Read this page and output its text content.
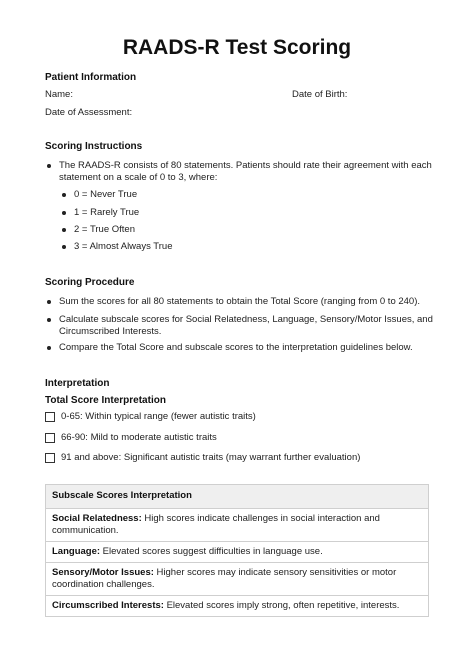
RAADS-R Test Scoring
Patient Information
Name:	Date of Birth:
Date of Assessment:
Scoring Instructions
The RAADS-R consists of 80 statements. Patients should rate their agreement with each
statement on a scale of 0 to 3, where:
0 = Never True
1 = Rarely True
2 = True Often
3 = Almost Always True
Scoring Procedure
Sum the scores for all 80 statements to obtain the Total Score (ranging from 0 to 240).
Calculate subscale scores for Social Relatedness, Language, Sensory/Motor Issues, and
Circumscribed Interests.
Compare the Total Score and subscale scores to the interpretation guidelines below.
Interpretation
Total Score Interpretation
0-65: Within typical range (fewer autistic traits)
66-90: Mild to moderate autistic traits
91 and above: Significant autistic traits (may warrant further evaluation)
Subscale Scores Interpretation
Social Relatedness: High scores indicate challenges in social interaction and
communication.
Language: Elevated scores suggest difficulties in language use.
Sensory/Motor Issues: Higher scores may indicate sensory sensitivities or motor
coordination challenges.
Circumscribed Interests: Elevated scores imply strong, often repetitive, interests.
